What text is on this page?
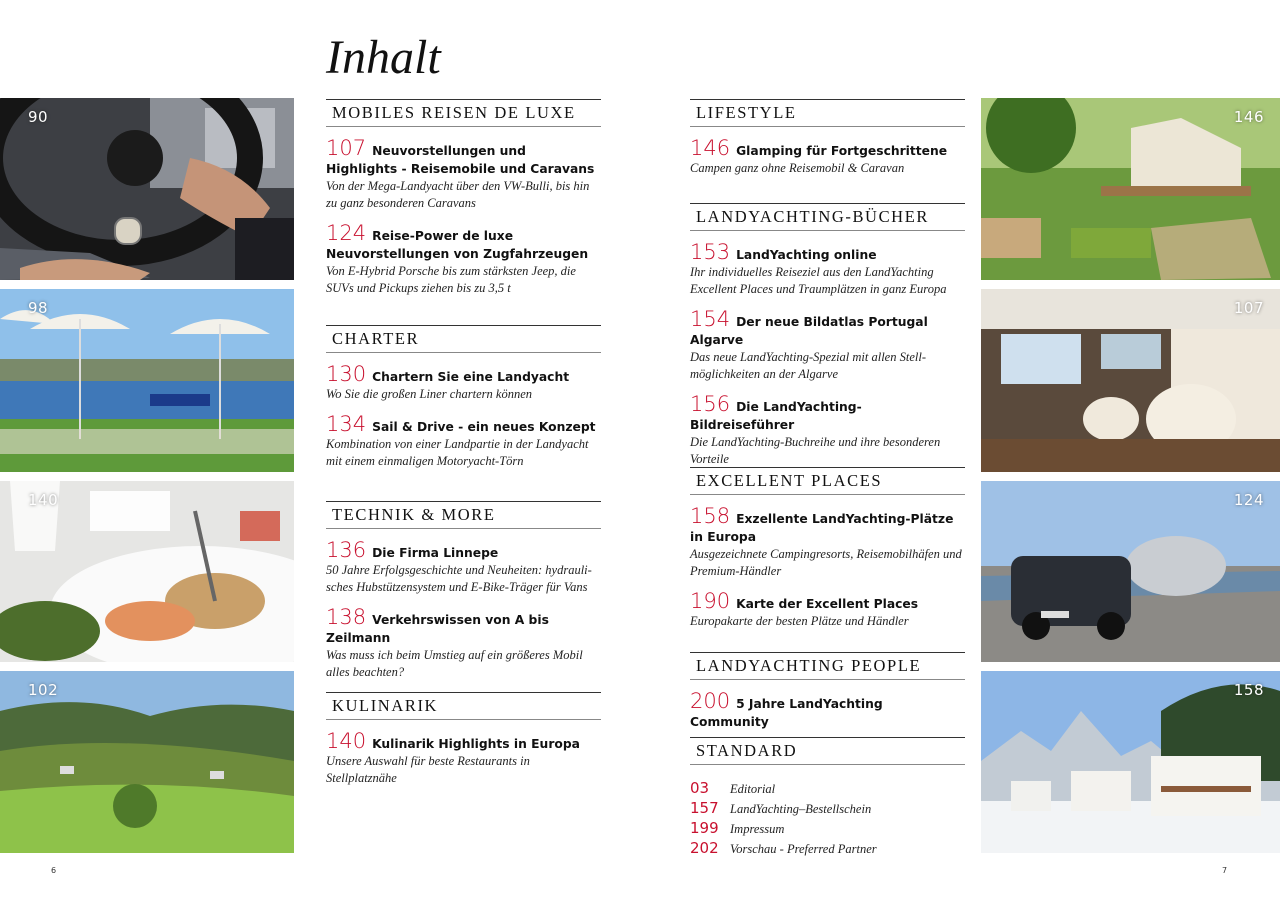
Inhalt
90
98
140
102
146
107
124
158
MOBILES REISEN DE LUXE
107 Neuvorstellungen und Highlights - Reisemobile und Caravans
Von der Mega-Landyacht über den VW-Bulli, bis hin zu ganz besonderen Caravans
124 Reise-Power de luxe Neuvorstellungen von Zugfahrzeugen
Von E-Hybrid Porsche bis zum stärksten Jeep, die SUVs und Pickups ziehen bis zu 3,5 t
CHARTER
130 Chartern Sie eine Landyacht
Wo Sie die großen Liner chartern können
134 Sail & Drive - ein neues Konzept
Kombination von einer Landpartie in der Landyacht mit einem einmaligen Motoryacht-Törn
TECHNIK & MORE
136 Die Firma Linnepe
50 Jahre Erfolgsgeschichte und Neuheiten: hydrauli-sches Hubstützensystem und E-Bike-Träger für Vans
138 Verkehrswissen von A bis Zeilmann
Was muss ich beim Umstieg auf ein größeres Mobil alles beachten?
KULINARIK
140 Kulinarik Highlights in Europa
Unsere Auswahl für beste Restaurants in Stellplatznähe
LIFESTYLE
146 Glamping für Fortgeschrittene
Campen ganz ohne Reisemobil & Caravan
LANDYACHTING-BÜCHER
153 LandYachting online
Ihr individuelles Reiseziel aus den LandYachting Excellent Places und Traumplätzen in ganz Europa
154 Der neue Bildatlas Portugal Algarve
Das neue LandYachting-Spezial mit allen Stell-möglichkeiten an der Algarve
156 Die LandYachting-Bildreiseführer
Die LandYachting-Buchreihe und ihre besonderen Vorteile
EXCELLENT PLACES
158 Exzellente LandYachting-Plätze in Europa
Ausgezeichnete Campingresorts, Reisemobilhäfen und Premium-Händler
190 Karte der Excellent Places
Europakarte der besten Plätze und Händler
LANDYACHTING PEOPLE
200 5 Jahre LandYachting Community
STANDARD
03 Editorial
157 LandYachting–Bestellschein
199 Impressum
202 Vorschau - Preferred Partner
6	7
